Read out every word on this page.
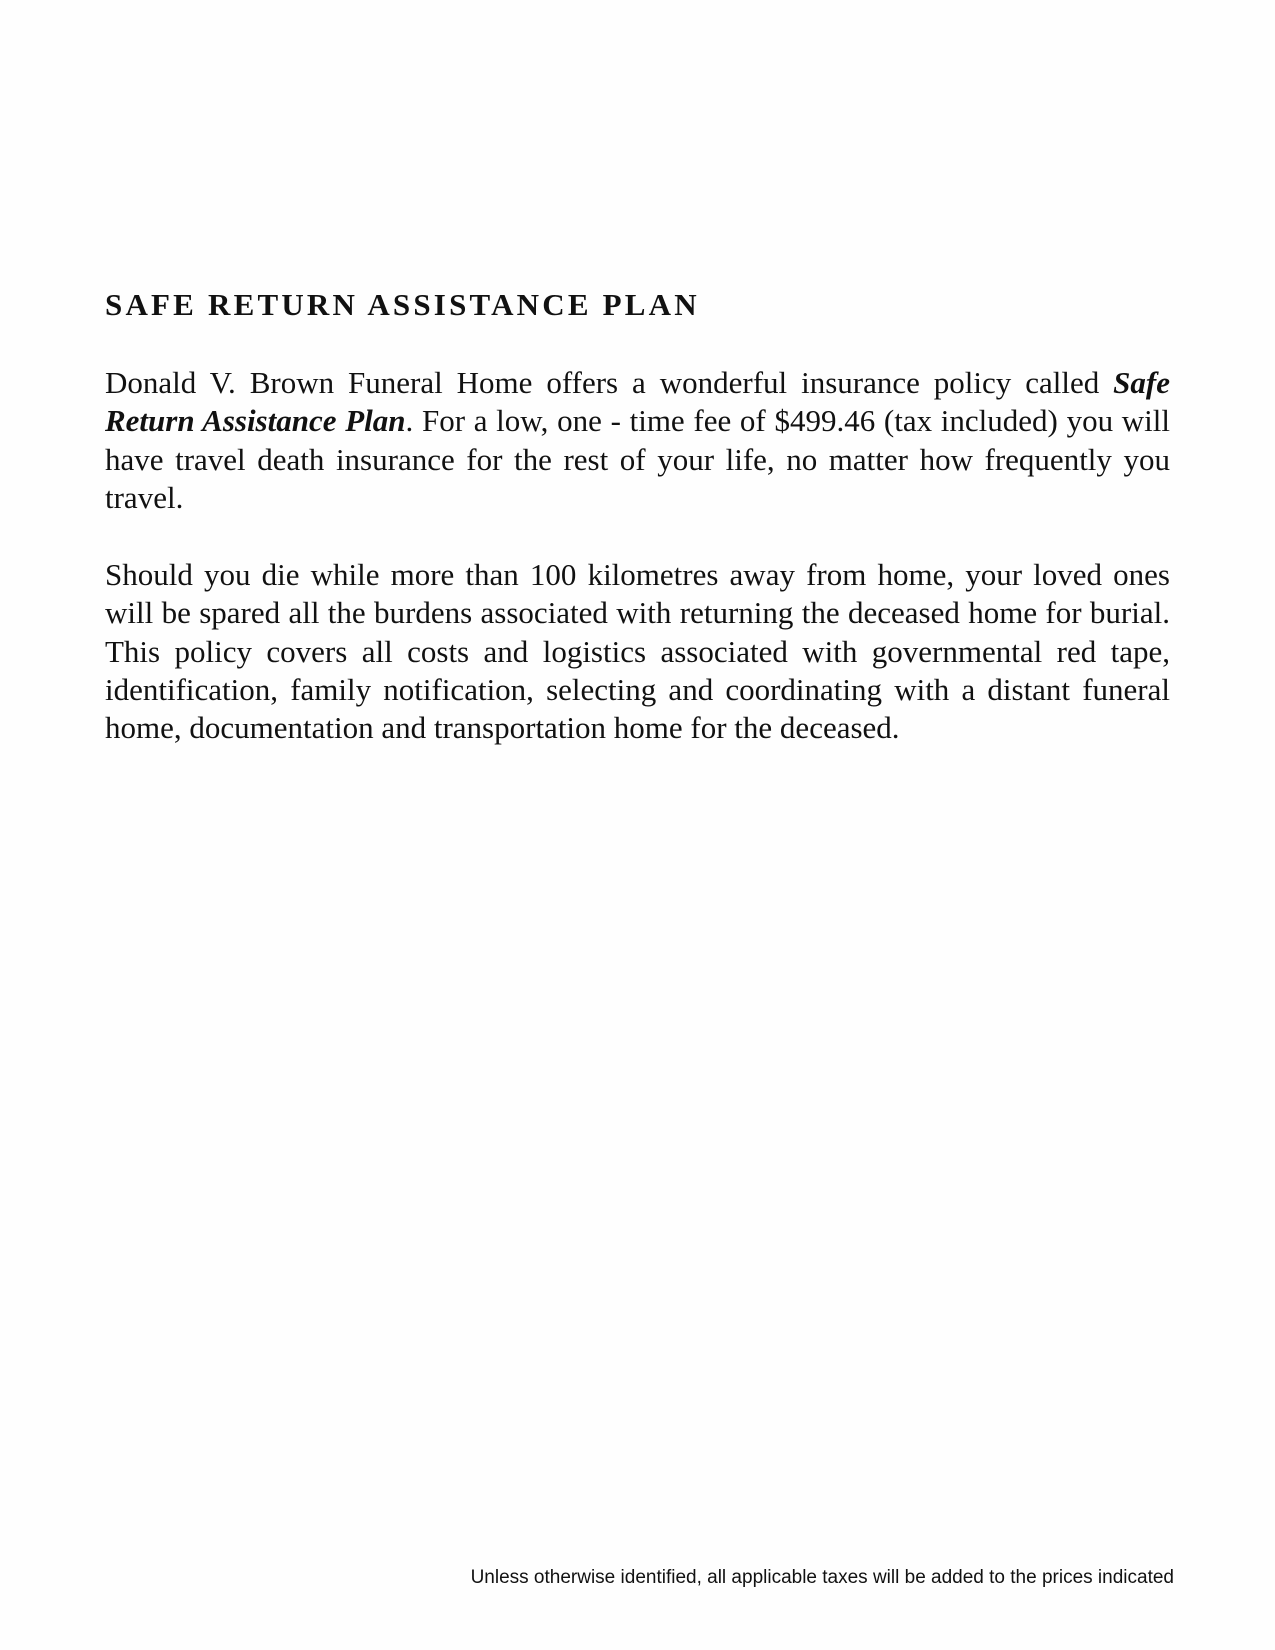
SAFE RETURN ASSISTANCE PLAN

Donald V. Brown Funeral Home offers a wonderful insurance policy called Safe Return Assistance Plan. For a low, one - time fee of $499.46 (tax included) you will have travel death insurance for the rest of your life, no matter how frequently you travel.

Should you die while more than 100 kilometres away from home, your loved ones will be spared all the burdens associated with returning the deceased home for burial. This policy covers all costs and logistics associated with governmental red tape, identification, family notification, selecting and coordinating with a distant funeral home, documentation and transportation home for the deceased.

Unless otherwise identified, all applicable taxes will be added to the prices indicated
